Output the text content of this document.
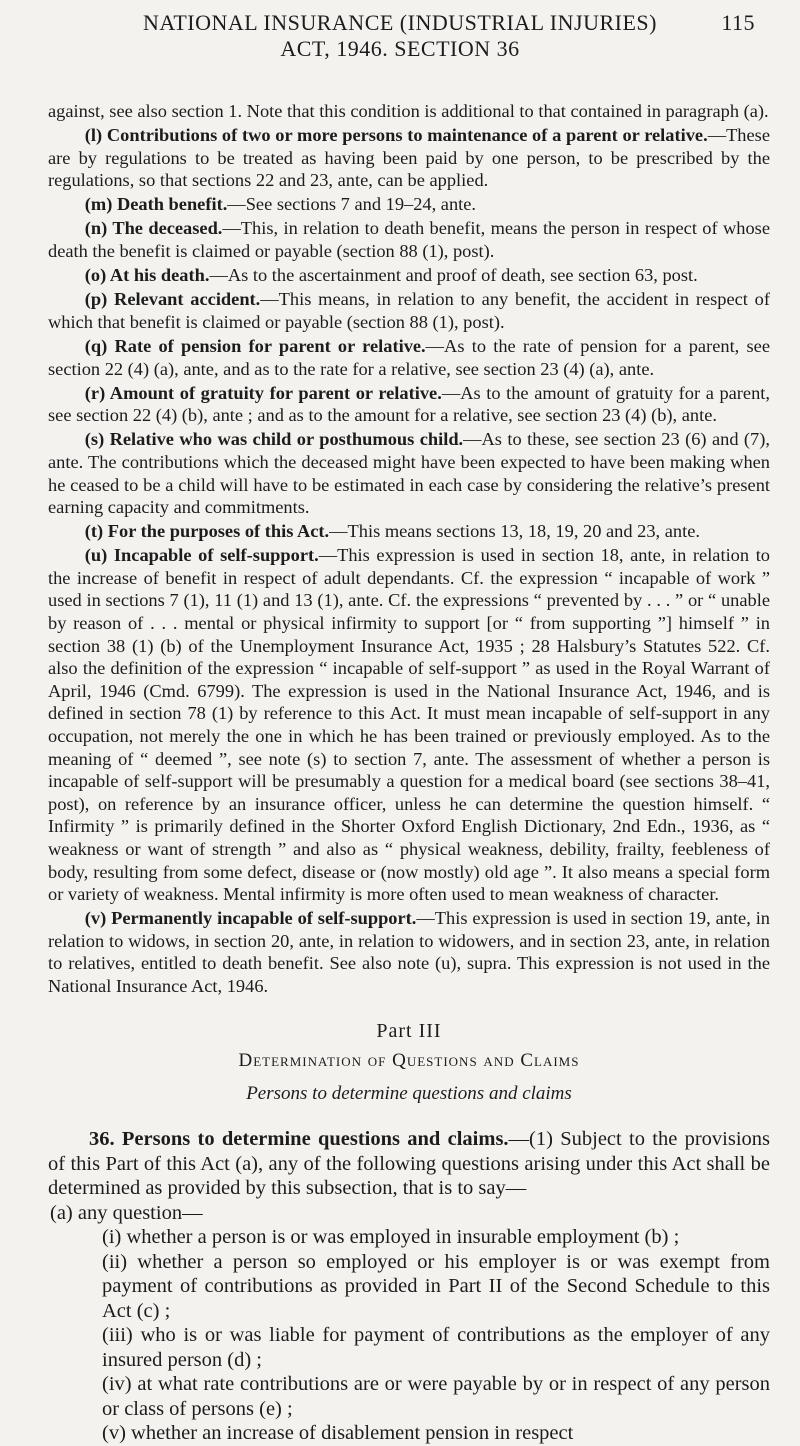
NATIONAL INSURANCE (INDUSTRIAL INJURIES)
ACT, 1946. SECTION 36
115

against, see also section 1. Note that this condition is additional to that contained in paragraph (a).

(l) Contributions of two or more persons to maintenance of a parent or relative.—These are by regulations to be treated as having been paid by one person, to be prescribed by the regulations, so that sections 22 and 23, ante, can be applied.

(m) Death benefit.—See sections 7 and 19–24, ante.

(n) The deceased.—This, in relation to death benefit, means the person in respect of whose death the benefit is claimed or payable (section 88 (1), post).

(o) At his death.—As to the ascertainment and proof of death, see section 63, post.

(p) Relevant accident.—This means, in relation to any benefit, the accident in respect of which that benefit is claimed or payable (section 88 (1), post).

(q) Rate of pension for parent or relative.—As to the rate of pension for a parent, see section 22 (4) (a), ante, and as to the rate for a relative, see section 23 (4) (a), ante.

(r) Amount of gratuity for parent or relative.—As to the amount of gratuity for a parent, see section 22 (4) (b), ante ; and as to the amount for a relative, see section 23 (4) (b), ante.

(s) Relative who was child or posthumous child.—As to these, see section 23 (6) and (7), ante. The contributions which the deceased might have been expected to have been making when he ceased to be a child will have to be estimated in each case by considering the relative’s present earning capacity and commitments.

(t) For the purposes of this Act.—This means sections 13, 18, 19, 20 and 23, ante.

(u) Incapable of self-support.—This expression is used in section 18, ante, in relation to the increase of benefit in respect of adult dependants. Cf. the expression “ incapable of work ” used in sections 7 (1), 11 (1) and 13 (1), ante. Cf. the expressions “ prevented by . . . ” or “ unable by reason of . . . mental or physical infirmity to support [or “ from supporting ”] himself ” in section 38 (1) (b) of the Unemployment Insurance Act, 1935 ; 28 Halsbury’s Statutes 522. Cf. also the definition of the expression “ incapable of self-support ” as used in the Royal Warrant of April, 1946 (Cmd. 6799). The expression is used in the National Insurance Act, 1946, and is defined in section 78 (1) by reference to this Act. It must mean incapable of self-support in any occupation, not merely the one in which he has been trained or previously employed. As to the meaning of “ deemed ”, see note (s) to section 7, ante. The assessment of whether a person is incapable of self-support will be presumably a question for a medical board (see sections 38–41, post), on reference by an insurance officer, unless he can determine the question himself. “ Infirmity ” is primarily defined in the Shorter Oxford English Dictionary, 2nd Edn., 1936, as “ weakness or want of strength ” and also as “ physical weakness, debility, frailty, feebleness of body, resulting from some defect, disease or (now mostly) old age ”. It also means a special form or variety of weakness. Mental infirmity is more often used to mean weakness of character.

(v) Permanently incapable of self-support.—This expression is used in section 19, ante, in relation to widows, in section 20, ante, in relation to widowers, and in section 23, ante, in relation to relatives, entitled to death benefit. See also note (u), supra. This expression is not used in the National Insurance Act, 1946.

Part III
Determination of Questions and Claims
Persons to determine questions and claims

36. Persons to determine questions and claims.—(1) Subject to the provisions of this Part of this Act (a), any of the following questions arising under this Act shall be determined as provided by this subsection, that is to say—

(a) any question—

(i) whether a person is or was employed in insurable employment (b) ;

(ii) whether a person so employed or his employer is or was exempt from payment of contributions as provided in Part II of the Second Schedule to this Act (c) ;

(iii) who is or was liable for payment of contributions as the employer of any insured person (d) ;

(iv) at what rate contributions are or were payable by or in respect of any person or class of persons (e) ;

(v) whether an increase of disablement pension in respect
